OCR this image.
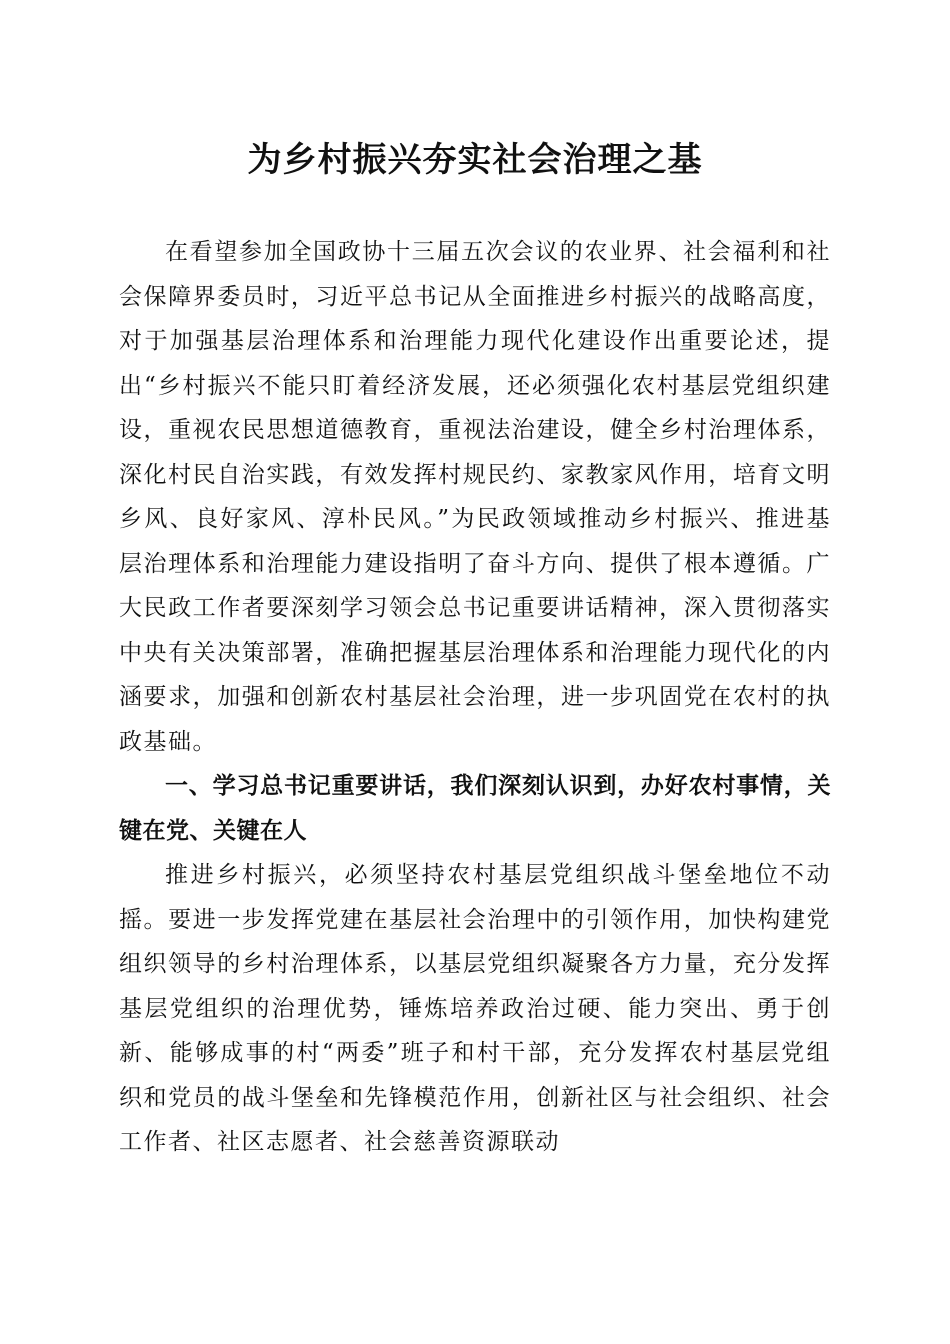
为乡村振兴夯实社会治理之基

在看望参加全国政协十三届五次会议的农业界、社会福利和社会保障界委员时，习近平总书记从全面推进乡村振兴的战略高度，对于加强基层治理体系和治理能力现代化建设作出重要论述，提出“乡村振兴不能只盯着经济发展，还必须强化农村基层党组织建设，重视农民思想道德教育，重视法治建设，健全乡村治理体系，深化村民自治实践，有效发挥村规民约、家教家风作用，培育文明乡风、良好家风、淳朴民风。”为民政领域推动乡村振兴、推进基层治理体系和治理能力建设指明了奋斗方向、提供了根本遵循。广大民政工作者要深刻学习领会总书记重要讲话精神，深入贯彻落实中央有关决策部署，准确把握基层治理体系和治理能力现代化的内涵要求，加强和创新农村基层社会治理，进一步巩固党在农村的执政基础。

一、学习总书记重要讲话，我们深刻认识到，办好农村事情，关键在党、关键在人

推进乡村振兴，必须坚持农村基层党组织战斗堡垒地位不动摇。要进一步发挥党建在基层社会治理中的引领作用，加快构建党组织领导的乡村治理体系，以基层党组织凝聚各方力量，充分发挥基层党组织的治理优势，锤炼培养政治过硬、能力突出、勇于创新、能够成事的村“两委”班子和村干部，充分发挥农村基层党组织和党员的战斗堡垒和先锋模范作用，创新社区与社会组织、社会工作者、社区志愿者、社会慈善资源联动
